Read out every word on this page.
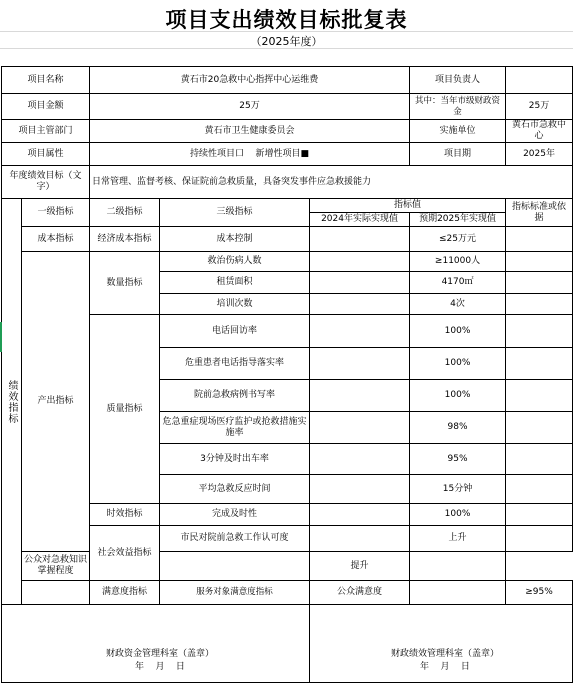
项目支出绩效目标批复表
（2025年度）
项目名称		黄石市20急救中心指挥中心运维费			项目负责人		
项目金额		25万			其中：当年市级财政资金	25万	
项目主管部门		黄石市卫生健康委员会			实施单位	黄石市急救中心	
项目属性		持续性项目口    新增性项目■			项目期	2025年	
年度绩效目标（文字）		日常管理、监督考核、保证院前急救质量，具备突发事件应急救援能力					
绩效指标	一级指标	二级指标	三级指标	指标值		指标标准或依据	
				2024年实际实现值	预期2025年实现值		
	成本指标	经济成本指标	成本控制		≤25万元		
	产出指标	数量指标	救治伤病人数		≥11000人		
			租赁面积		4170㎡		
			培训次数		4次		
		质量指标	电话回访率		100%		
			危重患者电话指导落实率		100%		
			院前急救病例书写率		100%		
			危急重症现场医疗监护或抢救措施实施率		98%		
			3分钟及时出车率		95%		
			平均急救反应时间		15分钟		
		时效指标	完成及时性		100%		
		社会效益指标	市民对院前急救工作认可度		上升		
	公众对急救知识掌握程度			提升			
		满意度指标	服务对象满意度指标	公众满意度		≥95%	

财政资金管理科室（盖章）
年    月    日
财政绩效管理科室（盖章）
年    月    日
